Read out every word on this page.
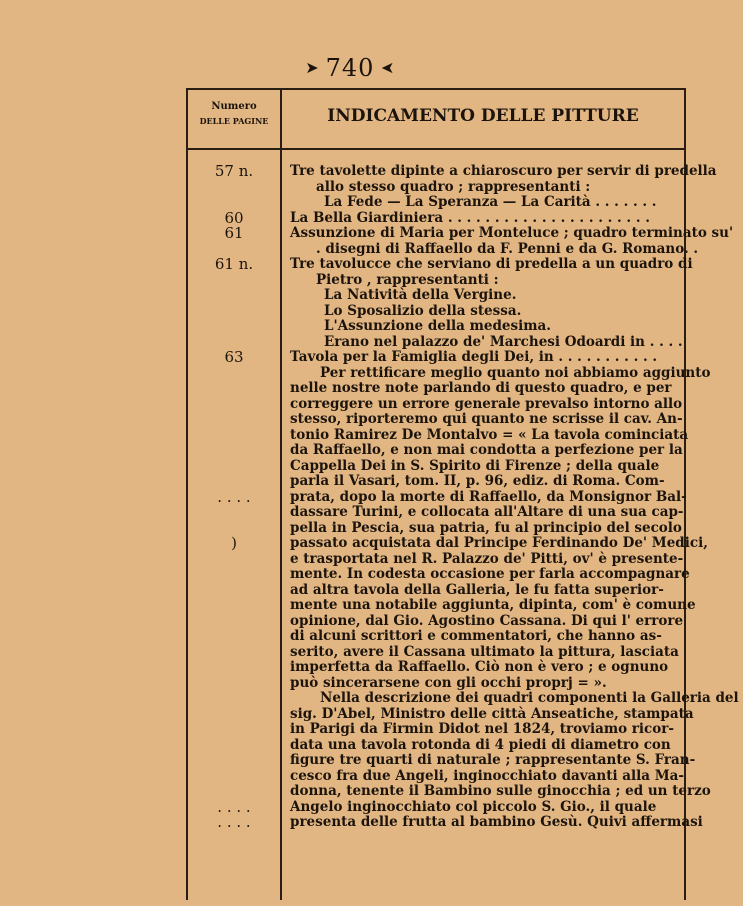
➤ 740 ➤
Numero
DELLE PAGINE	INDICAMENTO DELLE PITTURE
57 n.	Tre tavolette dipinte a chiaroscuro per servir di predella
allo stesso quadro ; rappresentanti :
La Fede — La Speranza — La Carità . . . . . . .
60	La Bella Giardiniera . . . . . . . . . . . . . . . . . . . . . .
61	Assunzione di Maria per Monteluce ; quadro terminato su'
. disegni di Raffaello da F. Penni e da G. Romano. .
61 n.	Tre tavolucce che serviano di predella a un quadro di
Pietro , rappresentanti :
La Natività della Vergine.
Lo Sposalizio della stessa.
L'Assunzione della medesima.
Erano nel palazzo de' Marchesi Odoardi in . . . .
63	Tavola per la Famiglia degli Dei, in . . . . . . . . . . .
Per rettificare meglio quanto noi abbiamo aggiunto
nelle nostre note parlando di questo quadro, e per
correggere un errore generale prevalso intorno allo
stesso, riporteremo qui quanto ne scrisse il cav. An-
tonio Ramirez De Montalvo = « La tavola cominciata
da Raffaello, e non mai condotta a perfezione per la
Cappella Dei in S. Spirito di Firenze ; della quale
parla il Vasari, tom. II, p. 96, ediz. di Roma. Com-
. . . .	prata, dopo la morte di Raffaello, da Monsignor Bal-
dassare Turini, e collocata all'Altare di una sua cap-
pella in Pescia, sua patria, fu al principio del secolo
)	passato acquistata dal Principe Ferdinando De' Medici,
e trasportata nel R. Palazzo de' Pitti, ov' è presente-
mente. In codesta occasione per farla accompagnare
ad altra tavola della Galleria, le fu fatta superior-
mente una notabile aggiunta, dipinta, com' è comune
opinione, dal Gio. Agostino Cassana. Di qui l' errore
di alcuni scrittori e commentatori, che hanno as-
serito, avere il Cassana ultimato la pittura, lasciata
imperfetta da Raffaello. Ciò non è vero ; e ognuno
può sincerarsene con gli occhi proprj = ».
Nella descrizione dei quadri componenti la Galleria del
sig. D'Abel, Ministro delle città Anseatiche, stampata
in Parigi da Firmin Didot nel 1824, troviamo ricor-
data una tavola rotonda di 4 piedi di diametro con
figure tre quarti di naturale ; rappresentante S. Fran-
cesco fra due Angeli, inginocchiato davanti alla Ma-
donna, tenente il Bambino sulle ginocchia ; ed un terzo
. . . .	Angelo inginocchiato col piccolo S. Gio., il quale
. . . .	presenta delle frutta al bambino Gesù. Quivi affermasi
